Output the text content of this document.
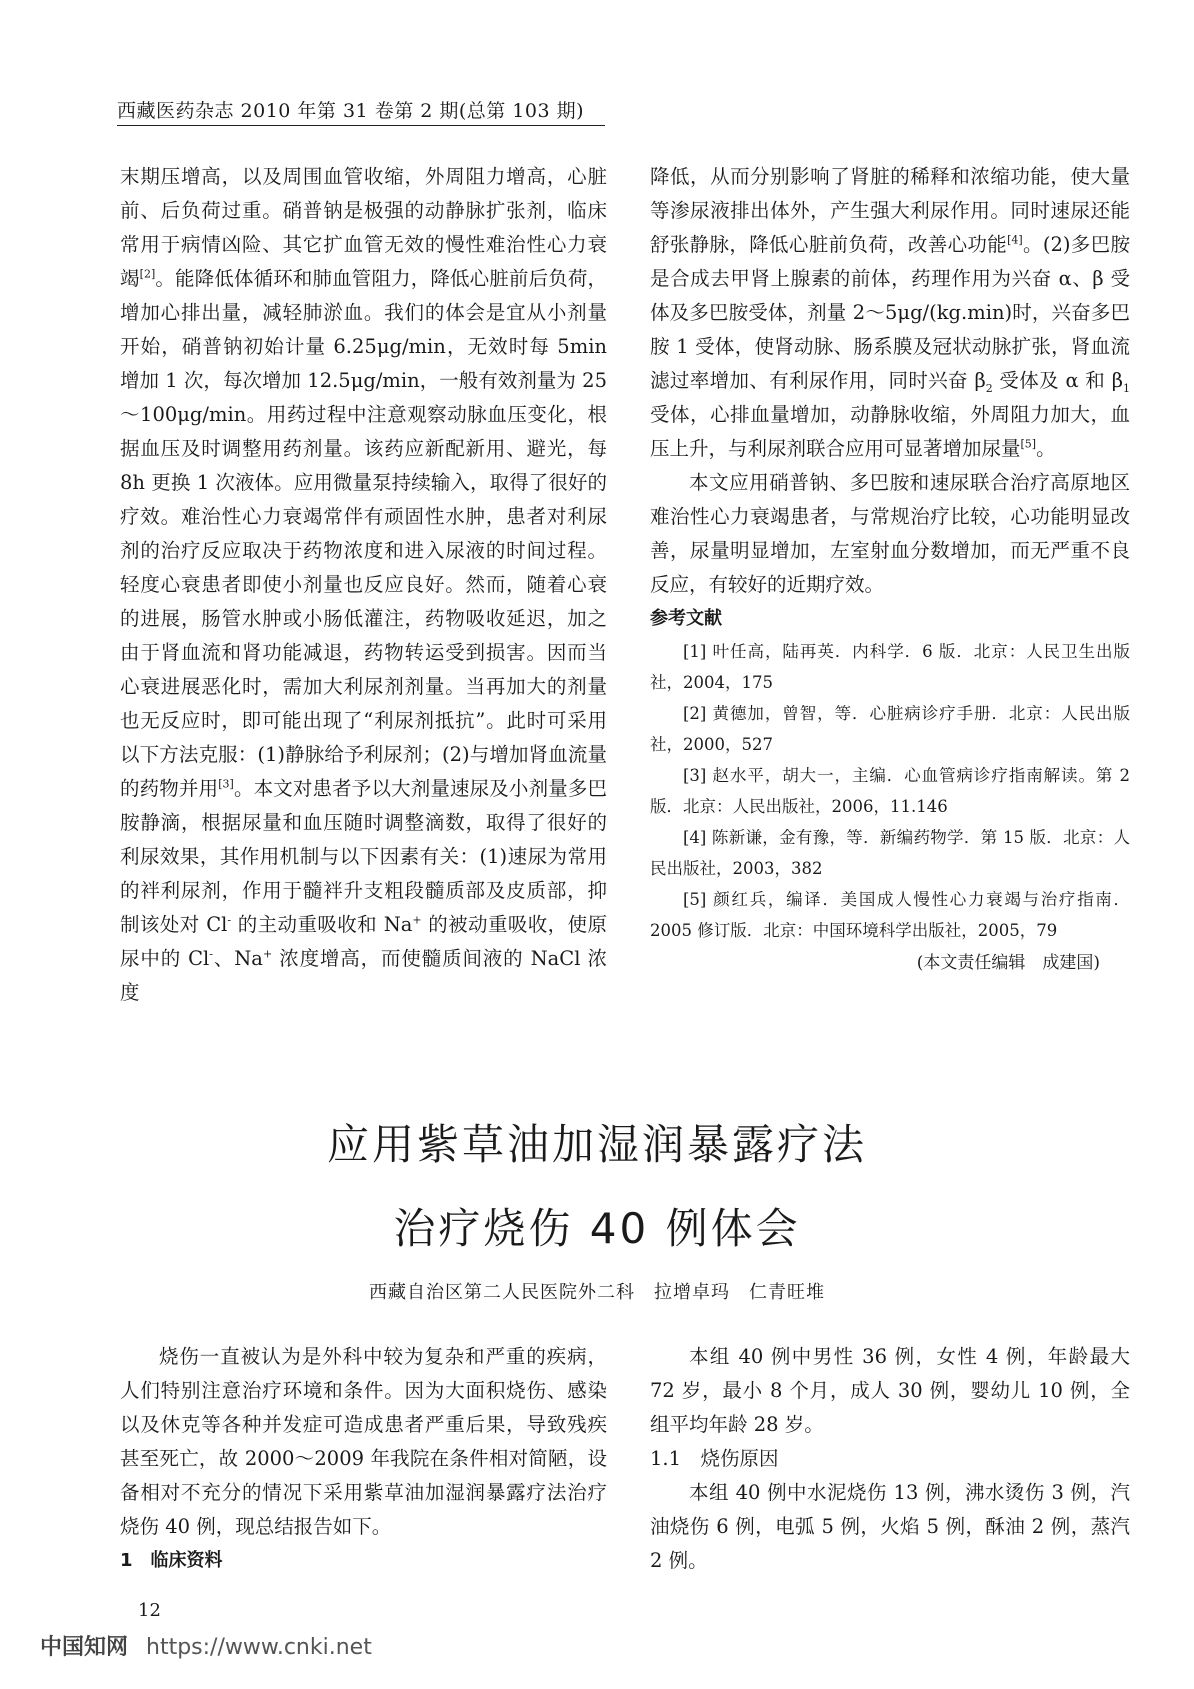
西藏医药杂志 2010 年第 31 卷第 2 期(总第 103 期)

末期压增高，以及周围血管收缩，外周阻力增高，心脏前、后负荷过重。硝普钠是极强的动静脉扩张剂，临床常用于病情凶险、其它扩血管无效的慢性难治性心力衰竭[2]。能降低体循环和肺血管阻力，降低心脏前后负荷，增加心排出量，减轻肺淤血。我们的体会是宜从小剂量开始，硝普钠初始计量 6.25μg/min，无效时每 5min 增加 1 次，每次增加 12.5μg/min，一般有效剂量为 25～100μg/min。用药过程中注意观察动脉血压变化，根据血压及时调整用药剂量。该药应新配新用、避光，每 8h 更换 1 次液体。应用微量泵持续输入，取得了很好的疗效。难治性心力衰竭常伴有顽固性水肿，患者对利尿剂的治疗反应取决于药物浓度和进入尿液的时间过程。轻度心衰患者即使小剂量也反应良好。然而，随着心衰的进展，肠管水肿或小肠低灌注，药物吸收延迟，加之由于肾血流和肾功能减退，药物转运受到损害。因而当心衰进展恶化时，需加大利尿剂剂量。当再加大的剂量也无反应时，即可能出现了“利尿剂抵抗”。此时可采用以下方法克服：(1)静脉给予利尿剂；(2)与增加肾血流量的药物并用[3]。本文对患者予以大剂量速尿及小剂量多巴胺静滴，根据尿量和血压随时调整滴数，取得了很好的利尿效果，其作用机制与以下因素有关：(1)速尿为常用的袢利尿剂，作用于髓袢升支粗段髓质部及皮质部，抑制该处对 Cl- 的主动重吸收和 Na+ 的被动重吸收，使原尿中的 Cl-、Na+ 浓度增高，而使髓质间液的 NaCl 浓度

降低，从而分别影响了肾脏的稀释和浓缩功能，使大量等渗尿液排出体外，产生强大利尿作用。同时速尿还能舒张静脉，降低心脏前负荷，改善心功能[4]。(2)多巴胺是合成去甲肾上腺素的前体，药理作用为兴奋 α、β 受体及多巴胺受体，剂量 2～5μg/(kg.min)时，兴奋多巴胺 1 受体，使肾动脉、肠系膜及冠状动脉扩张，肾血流滤过率增加、有利尿作用，同时兴奋 $\beta_2$ 受体及 α 和 $\beta_1$ 受体，心排血量增加，动静脉收缩，外周阻力加大，血压上升，与利尿剂联合应用可显著增加尿量[5]。

本文应用硝普钠、多巴胺和速尿联合治疗高原地区难治性心力衰竭患者，与常规治疗比较，心功能明显改善，尿量明显增加，左室射血分数增加，而无严重不良反应，有较好的近期疗效。

参考文献

[1] 叶任高，陆再英．内科学．6 版．北京：人民卫生出版社，2004，175

[2] 黄德加，曾智，等．心脏病诊疗手册．北京：人民出版社，2000，527

[3] 赵水平，胡大一，主编．心血管病诊疗指南解读。第 2 版．北京：人民出版社，2006，11.146

[4] 陈新谦，金有豫，等．新编药物学．第 15 版．北京：人民出版社，2003，382

[5] 颜红兵，编译．美国成人慢性心力衰竭与治疗指南．2005 修订版．北京：中国环境科学出版社，2005，79

(本文责任编辑　成建国)

应用紫草油加湿润暴露疗法
治疗烧伤 40 例体会
西藏自治区第二人民医院外二科　拉增卓玛　仁青旺堆

烧伤一直被认为是外科中较为复杂和严重的疾病，人们特别注意治疗环境和条件。因为大面积烧伤、感染以及休克等各种并发症可造成患者严重后果，导致残疾甚至死亡，故 2000～2009 年我院在条件相对简陋，设备相对不充分的情况下采用紫草油加湿润暴露疗法治疗烧伤 40 例，现总结报告如下。

1　临床资料

本组 40 例中男性 36 例，女性 4 例，年龄最大 72 岁，最小 8 个月，成人 30 例，婴幼儿 10 例，全组平均年龄 28 岁。

1.1　烧伤原因

本组 40 例中水泥烧伤 13 例，沸水烫伤 3 例，汽油烧伤 6 例，电弧 5 例，火焰 5 例，酥油 2 例，蒸汽 2 例。

12
中国知网 https://www.cnki.net
